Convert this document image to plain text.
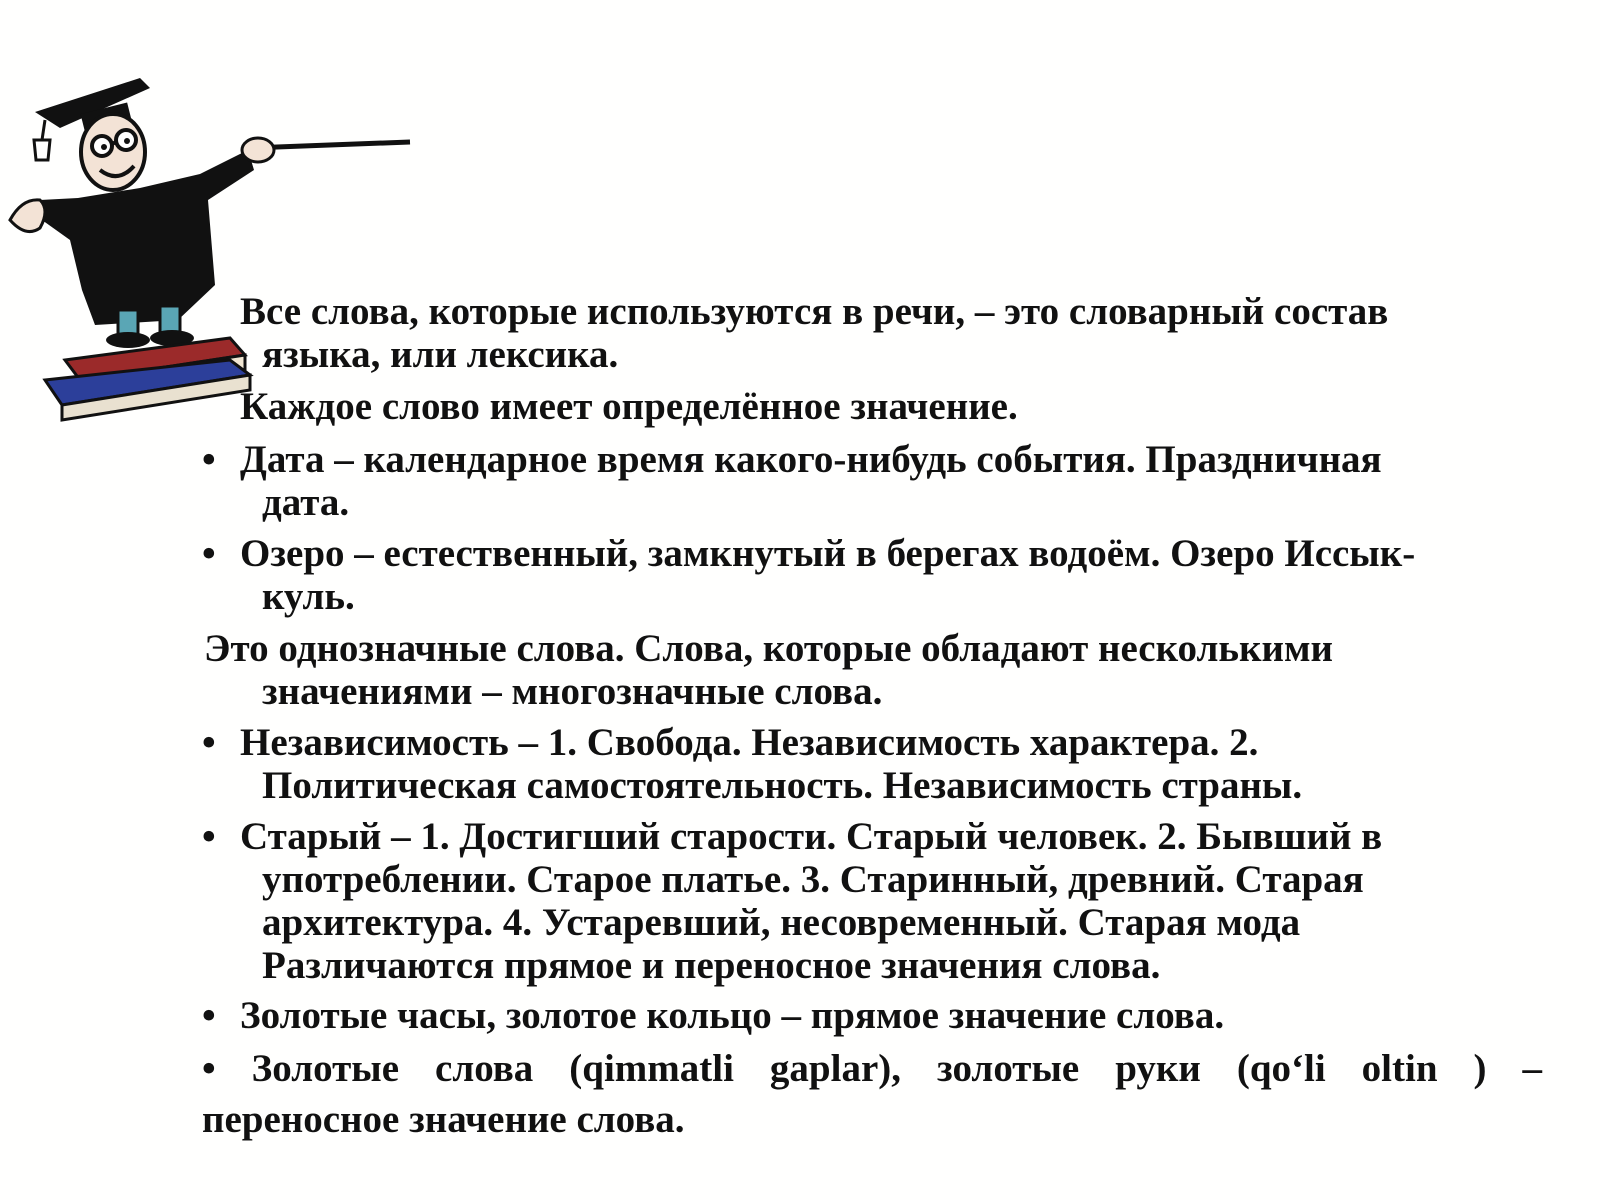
Все слова, которые используются в речи, – это словарный состав
языка, или лексика.
Каждое слово имеет определённое значение.
• Дата – календарное время какого-нибудь события. Праздничная
дата.
• Озеро – естественный, замкнутый в берегах водоём. Озеро Иссык-
куль.
Это однозначные слова. Слова, которые обладают несколькими
значениями – многозначные слова.
• Независимость – 1. Свобода. Независимость характера. 2.
Политическая самостоятельность. Независимость страны.
• Старый – 1. Достигший старости. Старый человек. 2. Бывший в
употреблении. Старое платье. 3. Старинный, древний. Старая
архитектура. 4. Устаревший, несовременный. Старая мода
Различаются прямое и переносное значения слова.
• Золотые часы, золотое кольцо – прямое значение слова.
• Золотые слова (qimmatli gaplar), золотые руки (qo‘li oltin ) –
переносное значение слова.
